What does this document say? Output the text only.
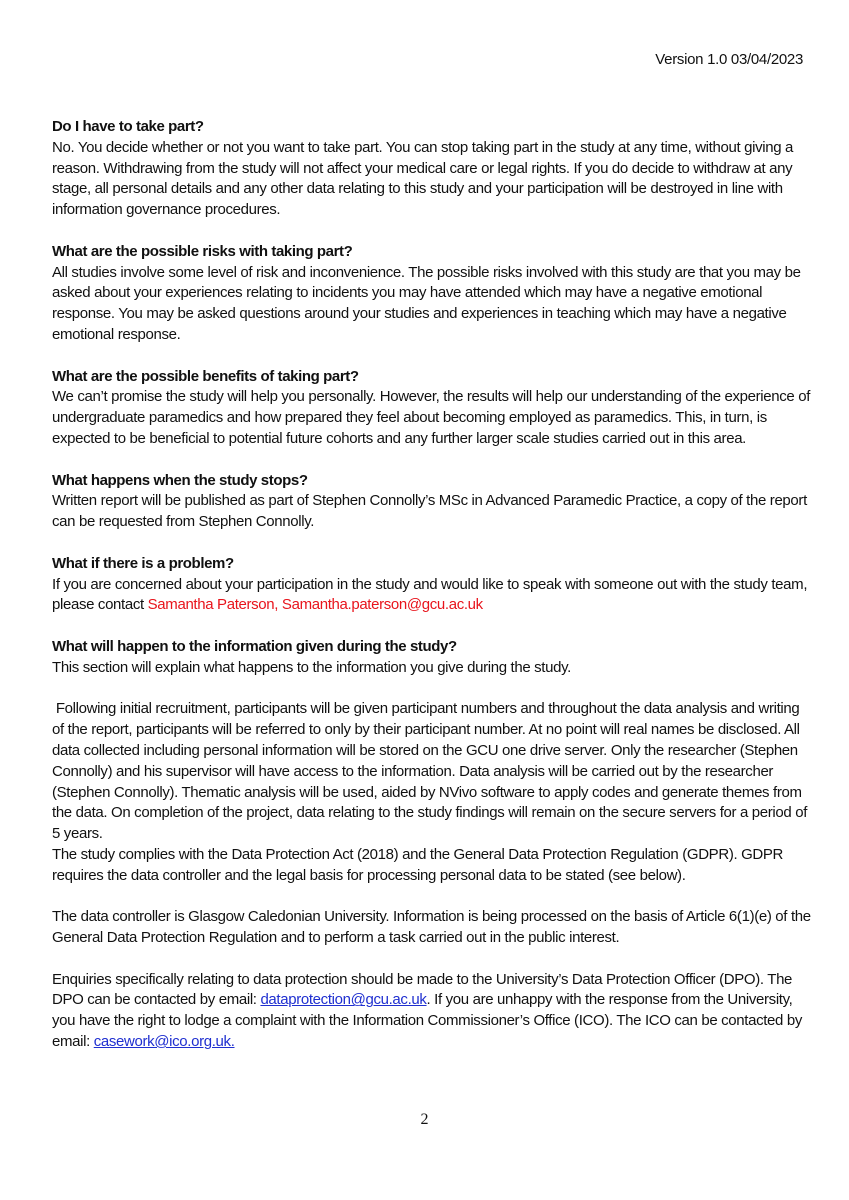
Version 1.0 03/04/2023
Do I have to take part?

No. You decide whether or not you want to take part. You can stop taking part in the study at any time, without giving a reason. Withdrawing from the study will not affect your medical care or legal rights. If you do decide to withdraw at any stage, all personal details and any other data relating to this study and your participation will be destroyed in line with information governance procedures.

What are the possible risks with taking part?

All studies involve some level of risk and inconvenience. The possible risks involved with this study are that you may be asked about your experiences relating to incidents you may have attended which may have a negative emotional response. You may be asked questions around your studies and experiences in teaching which may have a negative emotional response.

What are the possible benefits of taking part?

We can’t promise the study will help you personally. However, the results will help our understanding of the experience of undergraduate paramedics and how prepared they feel about becoming employed as paramedics. This, in turn, is expected to be beneficial to potential future cohorts and any further larger scale studies carried out in this area.

What happens when the study stops?

Written report will be published as part of Stephen Connolly’s MSc in Advanced Paramedic Practice, a copy of the report can be requested from Stephen Connolly.

What if there is a problem?

If you are concerned about your participation in the study and would like to speak with someone out with the study team, please contact Samantha Paterson, Samantha.paterson@gcu.ac.uk

What will happen to the information given during the study?

This section will explain what happens to the information you give during the study.

Following initial recruitment, participants will be given participant numbers and throughout the data analysis and writing of the report, participants will be referred to only by their participant number. At no point will real names be disclosed. All data collected including personal information will be stored on the GCU one drive server. Only the researcher (Stephen Connolly) and his supervisor will have access to the information. Data analysis will be carried out by the researcher (Stephen Connolly). Thematic analysis will be used, aided by NVivo software to apply codes and generate themes from the data. On completion of the project, data relating to the study findings will remain on the secure servers for a period of 5 years.

The study complies with the Data Protection Act (2018) and the General Data Protection Regulation (GDPR). GDPR requires the data controller and the legal basis for processing personal data to be stated (see below).

The data controller is Glasgow Caledonian University. Information is being processed on the basis of Article 6(1)(e) of the General Data Protection Regulation and to perform a task carried out in the public interest.

Enquiries specifically relating to data protection should be made to the University’s Data Protection Officer (DPO). The DPO can be contacted by email: dataprotection@gcu.ac.uk. If you are unhappy with the response from the University, you have the right to lodge a complaint with the Information Commissioner’s Office (ICO). The ICO can be contacted by email: casework@ico.org.uk.

2
